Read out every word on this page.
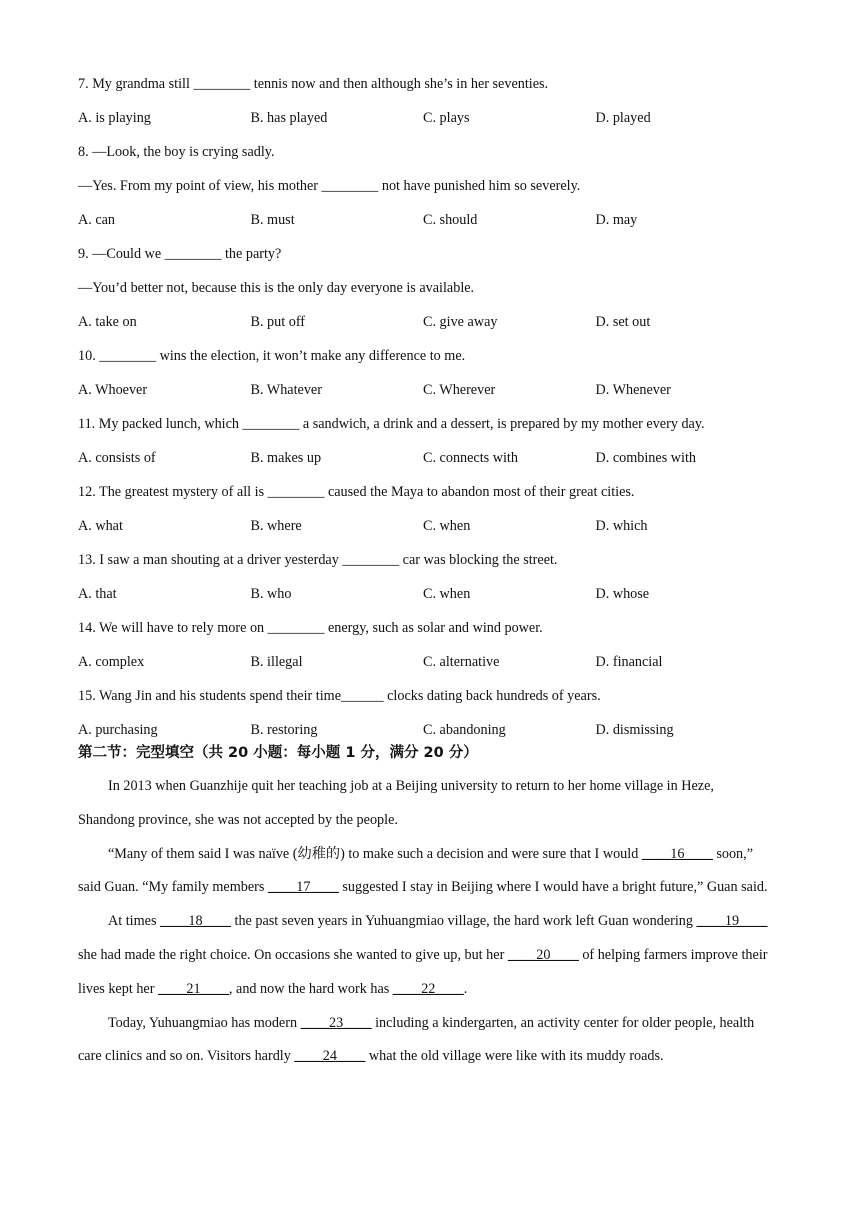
7. My grandma still ________ tennis now and then although she’s in her seventies.
A. is playing	B. has played	C. plays	D. played
8. —Look, the boy is crying sadly.
—Yes. From my point of view, his mother ________ not have punished him so severely.
A. can	B. must	C. should	D. may
9. —Could we ________ the party?
—You’d better not, because this is the only day everyone is available.
A. take on	B. put off	C. give away	D. set out
10. ________ wins the election, it won’t make any difference to me.
A. Whoever	B. Whatever	C. Wherever	D. Whenever
11. My packed lunch, which ________ a sandwich, a drink and a dessert, is prepared by my mother every day.
A. consists of	B. makes up	C. connects with	D. combines with
12. The greatest mystery of all is ________ caused the Maya to abandon most of their great cities.
A. what	B. where	C. when	D. which
13. I saw a man shouting at a driver yesterday ________ car was blocking the street.
A. that	B. who	C. when	D. whose
14. We will have to rely more on ________ energy, such as solar and wind power.
A. complex	B. illegal	C. alternative	D. financial
15. Wang Jin and his students spend their time______ clocks dating back hundreds of years.
A. purchasing	B. restoring	C. abandoning	D. dismissing
第二节：完型填空（共 20 小题：每小题 1 分，满分 20 分）
In 2013 when Guanzhije quit her teaching job at a Beijing university to return to her home village in Heze, Shandong province, she was not accepted by the people.
“Many of them said I was naïve (幼稚的) to make such a decision and were sure that I would ____16____ soon,” said Guan. “My family members ____17____ suggested I stay in Beijing where I would have a bright future,” Guan said.
At times ____18____ the past seven years in Yuhuangmiao village, the hard work left Guan wondering ____19____ she had made the right choice. On occasions she wanted to give up, but her ____20____ of helping farmers improve their lives kept her ____21____, and now the hard work has ____22____.
Today, Yuhuangmiao has modern ____23____ including a kindergarten, an activity center for older people, health care clinics and so on. Visitors hardly ____24____ what the old village were like with its muddy roads.
